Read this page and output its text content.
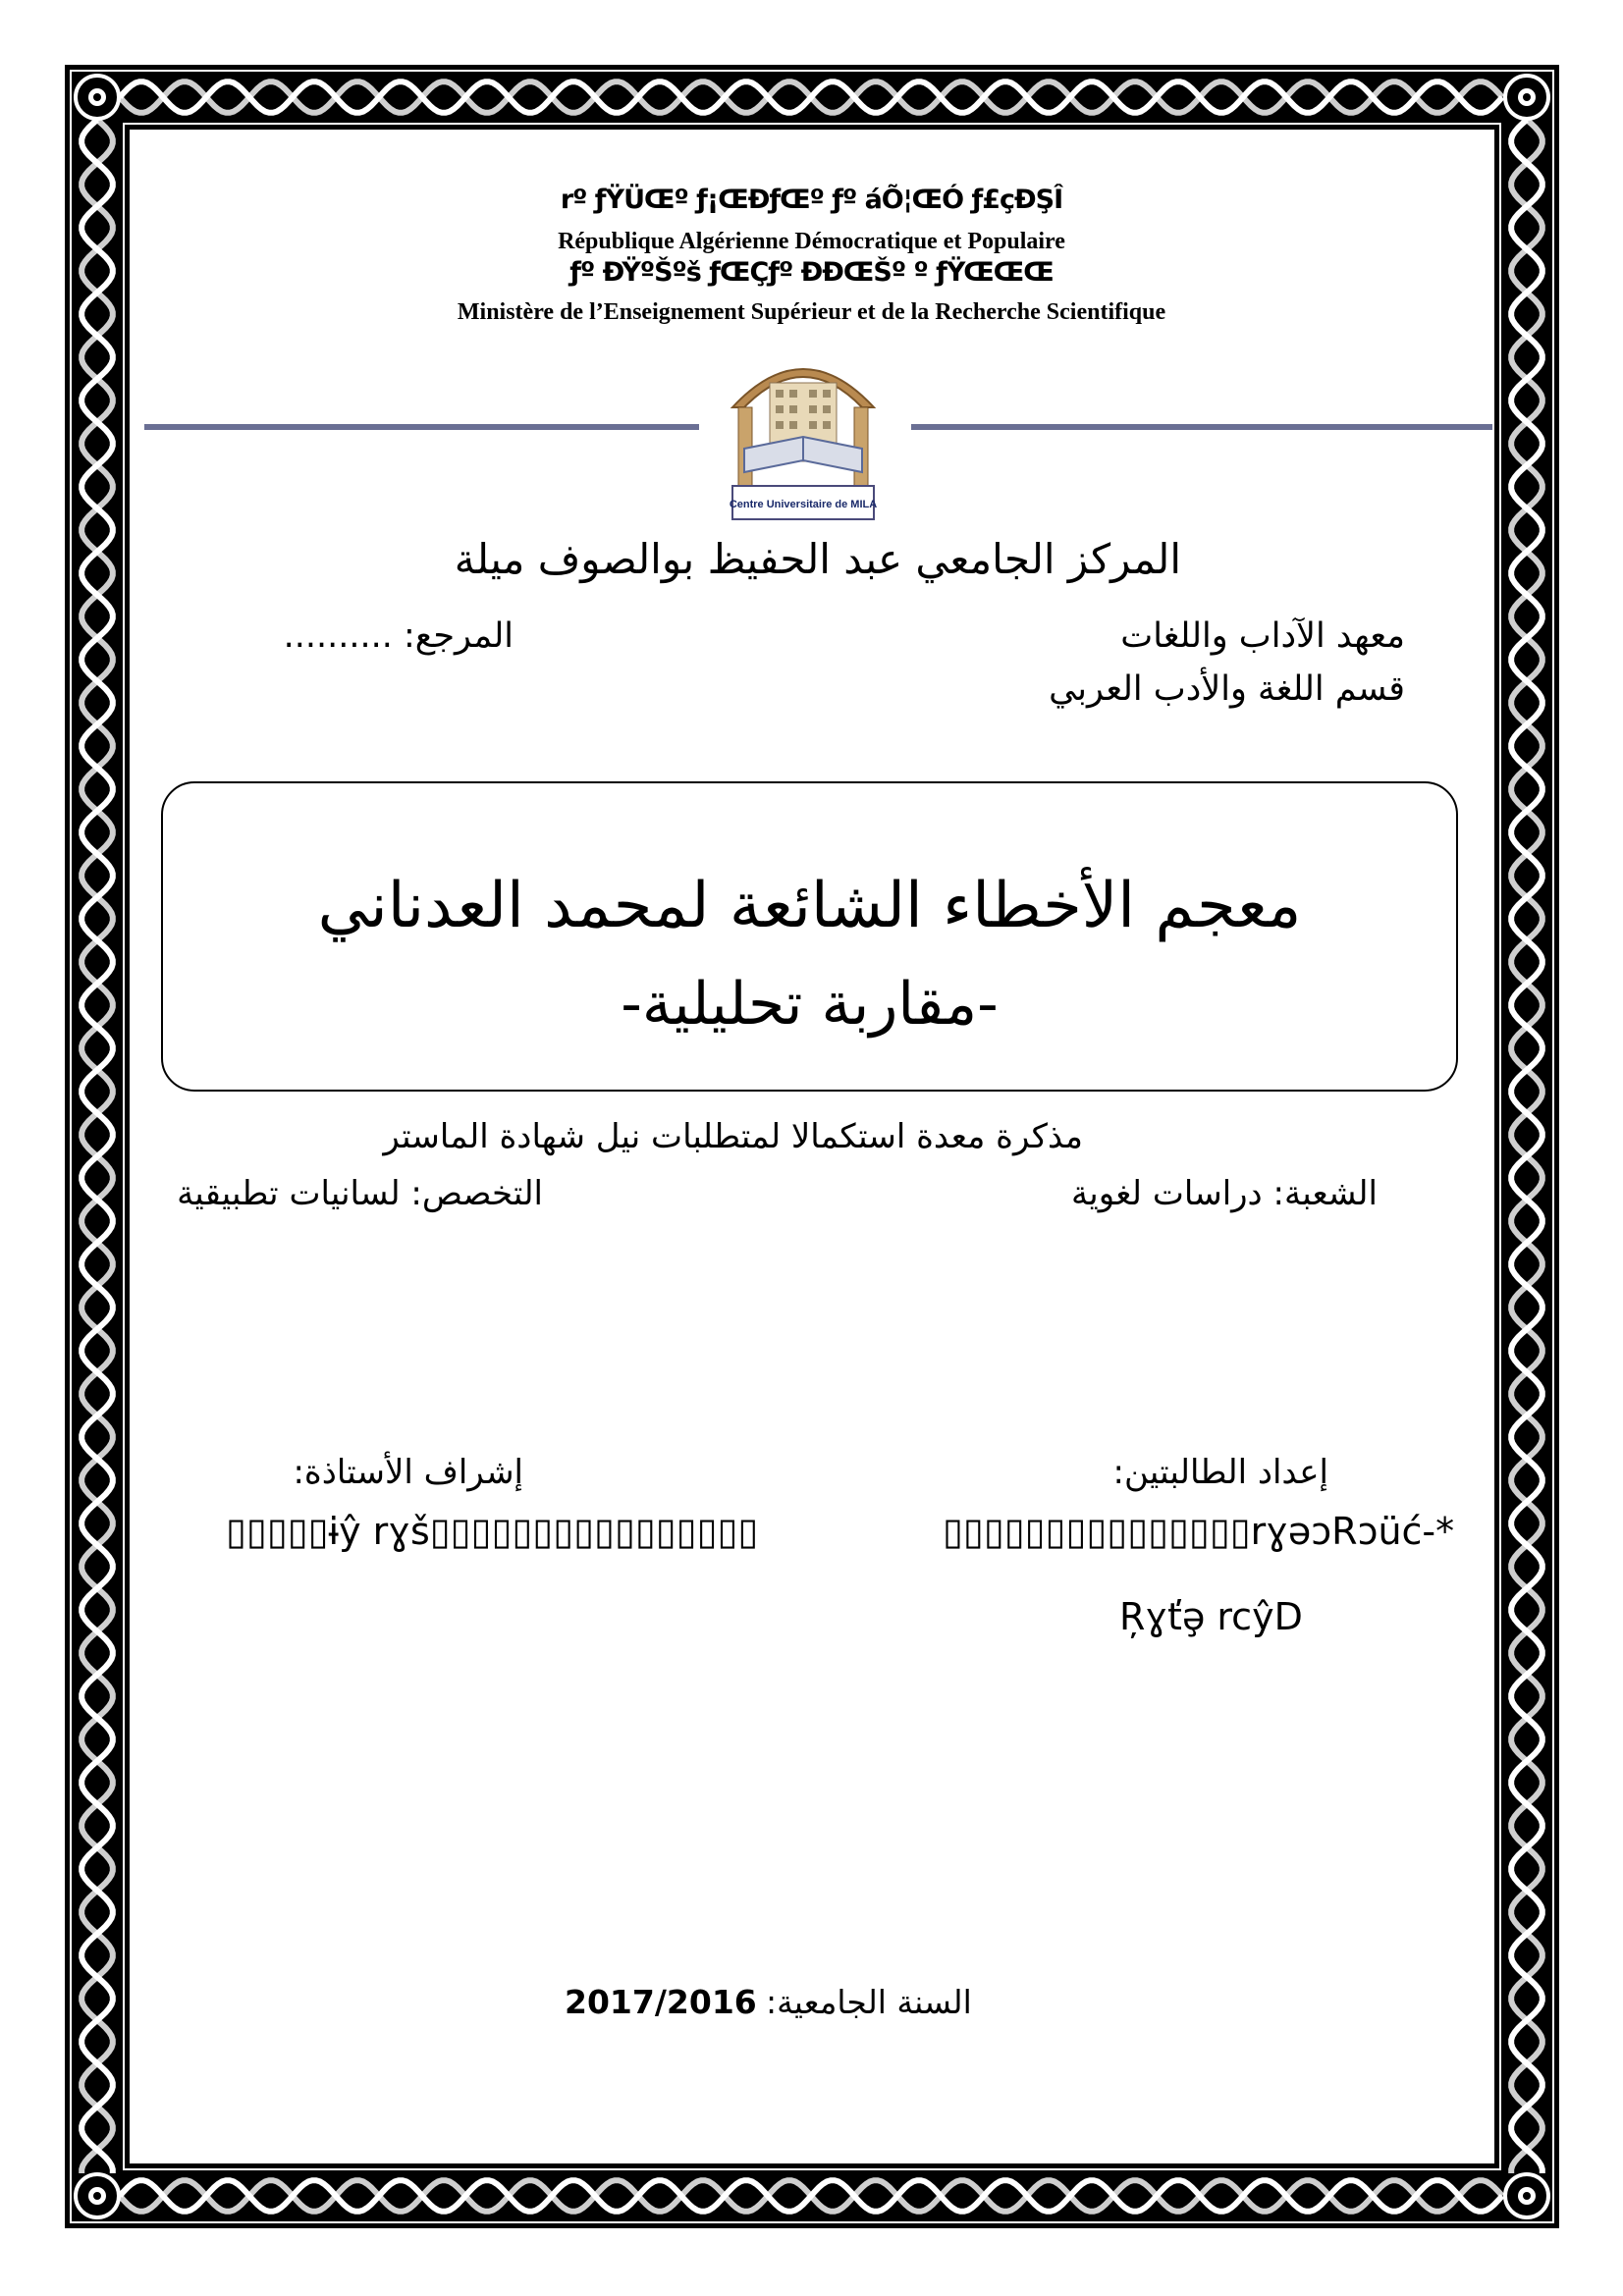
rº ƒŸÜŒº ƒ¡ŒÐƒŒº ƒº áÕ¦ŒÓ ƒ£çÐŞÎ
République Algérienne Démocratique et Populaire
ƒº ÐŸºŠºš ƒŒÇƒº ÐÐŒŠº º ƒŸŒŒŒ
Ministère de l’Enseignement Supérieur et de la Recherche Scientifique
Centre Universitaire de MILA
المركز الجامعي عبد الحفيظ بوالصوف ميلة
معهد الآداب واللغات
المرجع: ..........
قسم اللغة والأدب العربي
معجم الأخطاء الشائعة لمحمد العدناني
-مقاربة تحليلية-
مذكرة معدة استكمالا لمتطلبات نيل شهادة الماستر
الشعبة: دراسات لغوية
التخصص: لسانيات تطبيقية
إعداد الطالبتين:
إشراف الأستاذة:
▯▯▯▯▯ɨŷ rɣš▯▯▯▯▯▯▯▯▯▯▯▯▯▯▯▯	▯▯▯▯▯▯▯▯▯▯▯▯▯▯▯rɣəɔRɔüć-*
Ŗɣťə̧ rcŷD
السنة الجامعية:
2017/2016
